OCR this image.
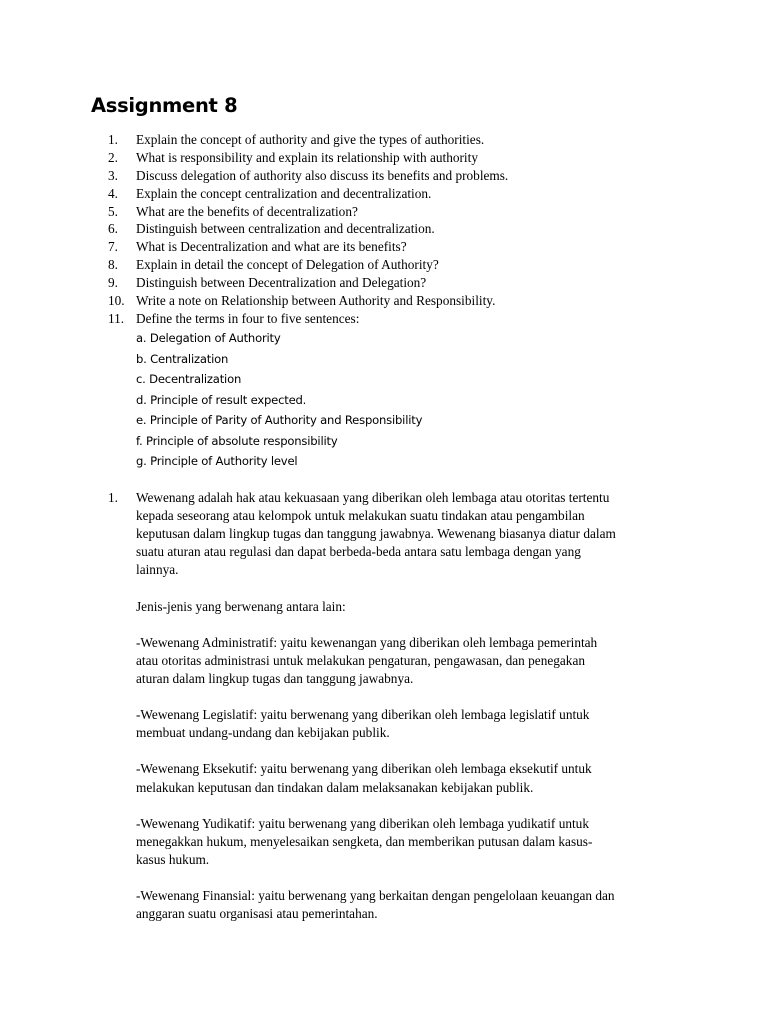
Assignment 8
1. Explain the concept of authority and give the types of authorities.
2. What is responsibility and explain its relationship with authority
3. Discuss delegation of authority also discuss its benefits and problems.
4. Explain the concept centralization and decentralization.
5. What are the benefits of decentralization?
6. Distinguish between centralization and decentralization.
7. What is Decentralization and what are its benefits?
8. Explain in detail the concept of Delegation of Authority?
9. Distinguish between Decentralization and Delegation?
10. Write a note on Relationship between Authority and Responsibility.
11. Define the terms in four to five sentences:
a. Delegation of Authority
b. Centralization
c. Decentralization
d. Principle of result expected.
e. Principle of Parity of Authority and Responsibility
f. Principle of absolute responsibility
g. Principle of Authority level
1. Wewenang adalah hak atau kekuasaan yang diberikan oleh lembaga atau otoritas tertentu
kepada seseorang atau kelompok untuk melakukan suatu tindakan atau pengambilan
keputusan dalam lingkup tugas dan tanggung jawabnya. Wewenang biasanya diatur dalam
suatu aturan atau regulasi dan dapat berbeda-beda antara satu lembaga dengan yang
lainnya.

Jenis-jenis yang berwenang antara lain:

-Wewenang Administratif: yaitu kewenangan yang diberikan oleh lembaga pemerintah
atau otoritas administrasi untuk melakukan pengaturan, pengawasan, dan penegakan
aturan dalam lingkup tugas dan tanggung jawabnya.

-Wewenang Legislatif: yaitu berwenang yang diberikan oleh lembaga legislatif untuk
membuat undang-undang dan kebijakan publik.

-Wewenang Eksekutif: yaitu berwenang yang diberikan oleh lembaga eksekutif untuk
melakukan keputusan dan tindakan dalam melaksanakan kebijakan publik.

-Wewenang Yudikatif: yaitu berwenang yang diberikan oleh lembaga yudikatif untuk
menegakkan hukum, menyelesaikan sengketa, dan memberikan putusan dalam kasus-
kasus hukum.

-Wewenang Finansial: yaitu berwenang yang berkaitan dengan pengelolaan keuangan dan
anggaran suatu organisasi atau pemerintahan.
